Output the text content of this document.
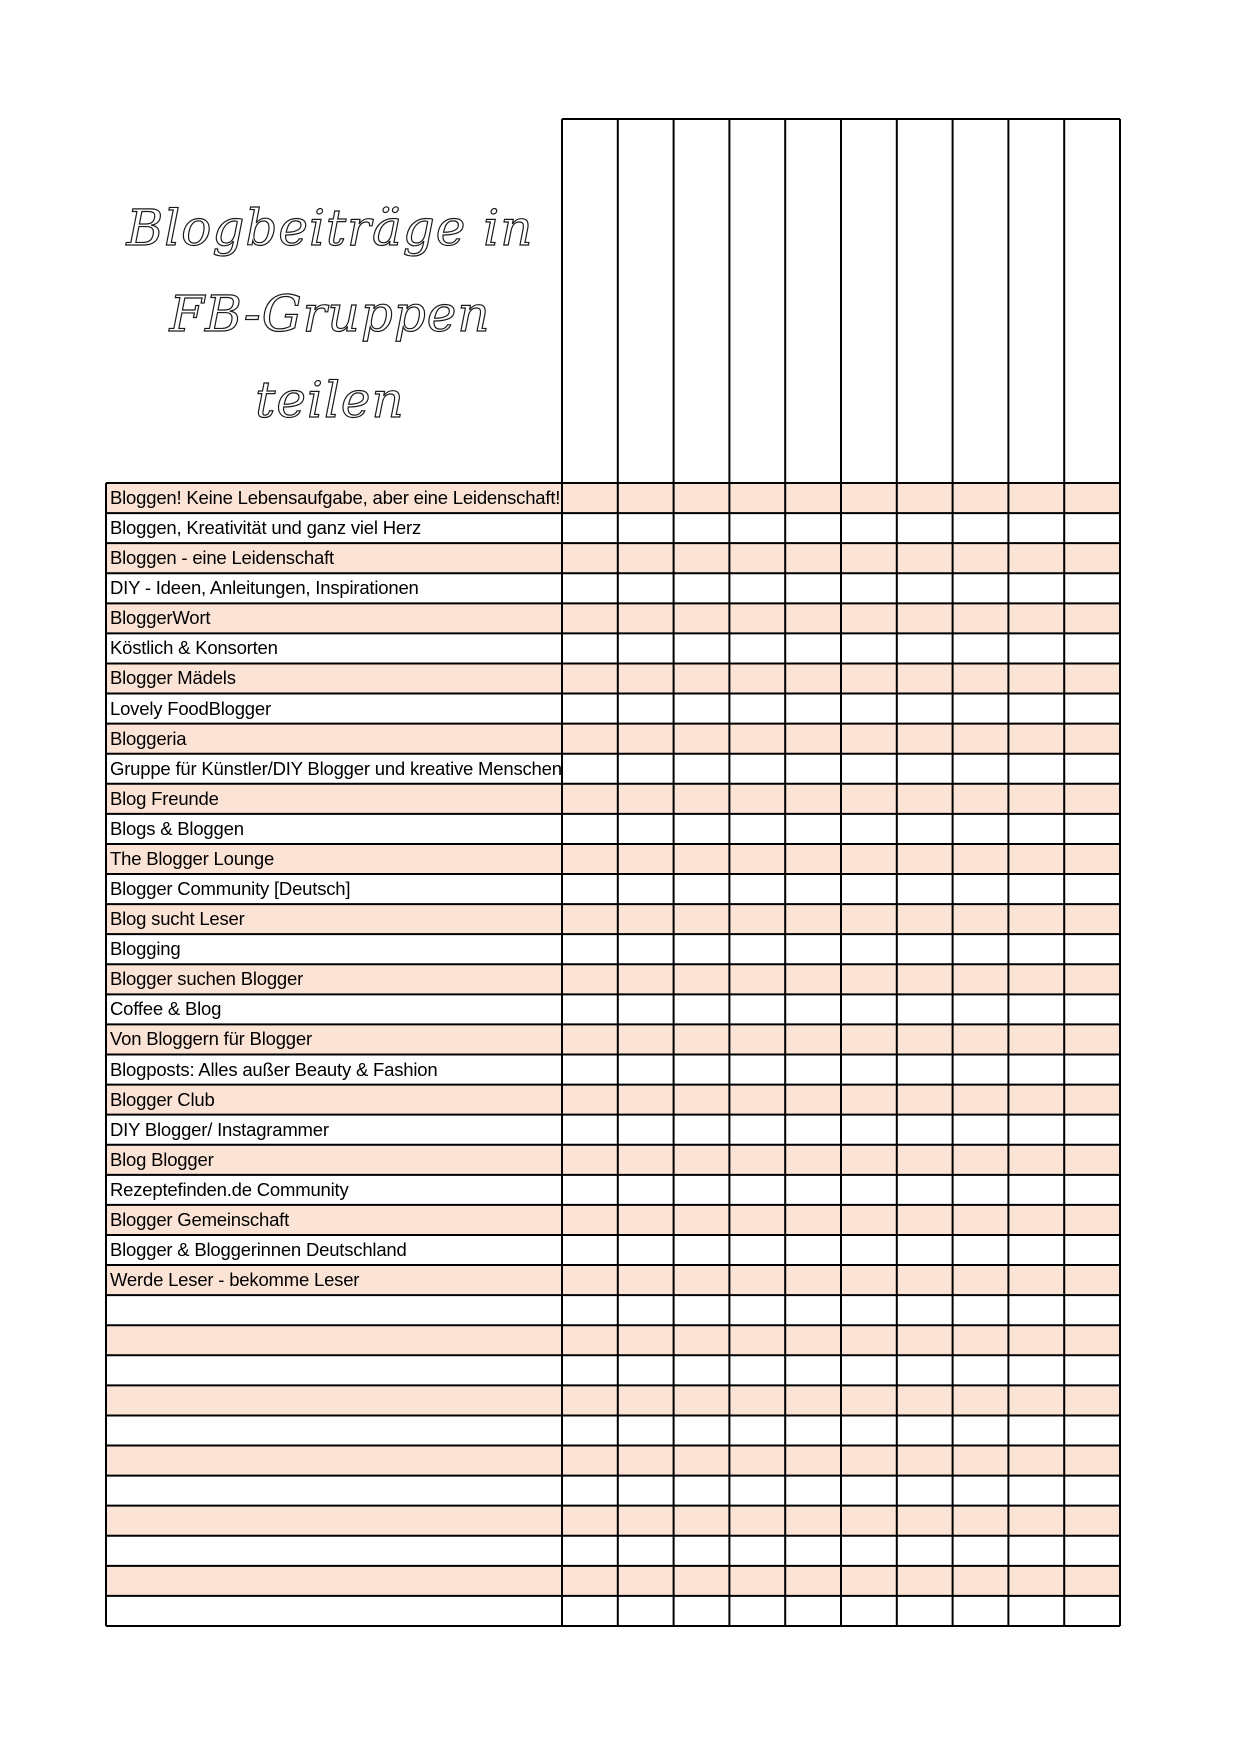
Blogbeiträge in
FB-Gruppen
teilen
Bloggen! Keine Lebensaufgabe, aber eine Leidenschaft!
Bloggen, Kreativität und ganz viel Herz
Bloggen - eine Leidenschaft
DIY - Ideen, Anleitungen, Inspirationen
BloggerWort
Köstlich & Konsorten
Blogger Mädels
Lovely FoodBlogger
Bloggeria
Gruppe für Künstler/DIY Blogger und kreative Menschen
Blog Freunde
Blogs & Bloggen
The Blogger Lounge
Blogger Community [Deutsch]
Blog sucht Leser
Blogging
Blogger suchen Blogger
Coffee & Blog
Von Bloggern für Blogger
Blogposts: Alles außer Beauty & Fashion
Blogger Club
DIY Blogger/ Instagrammer
Blog Blogger
Rezeptefinden.de Community
Blogger Gemeinschaft
Blogger & Bloggerinnen Deutschland
Werde Leser - bekomme Leser
